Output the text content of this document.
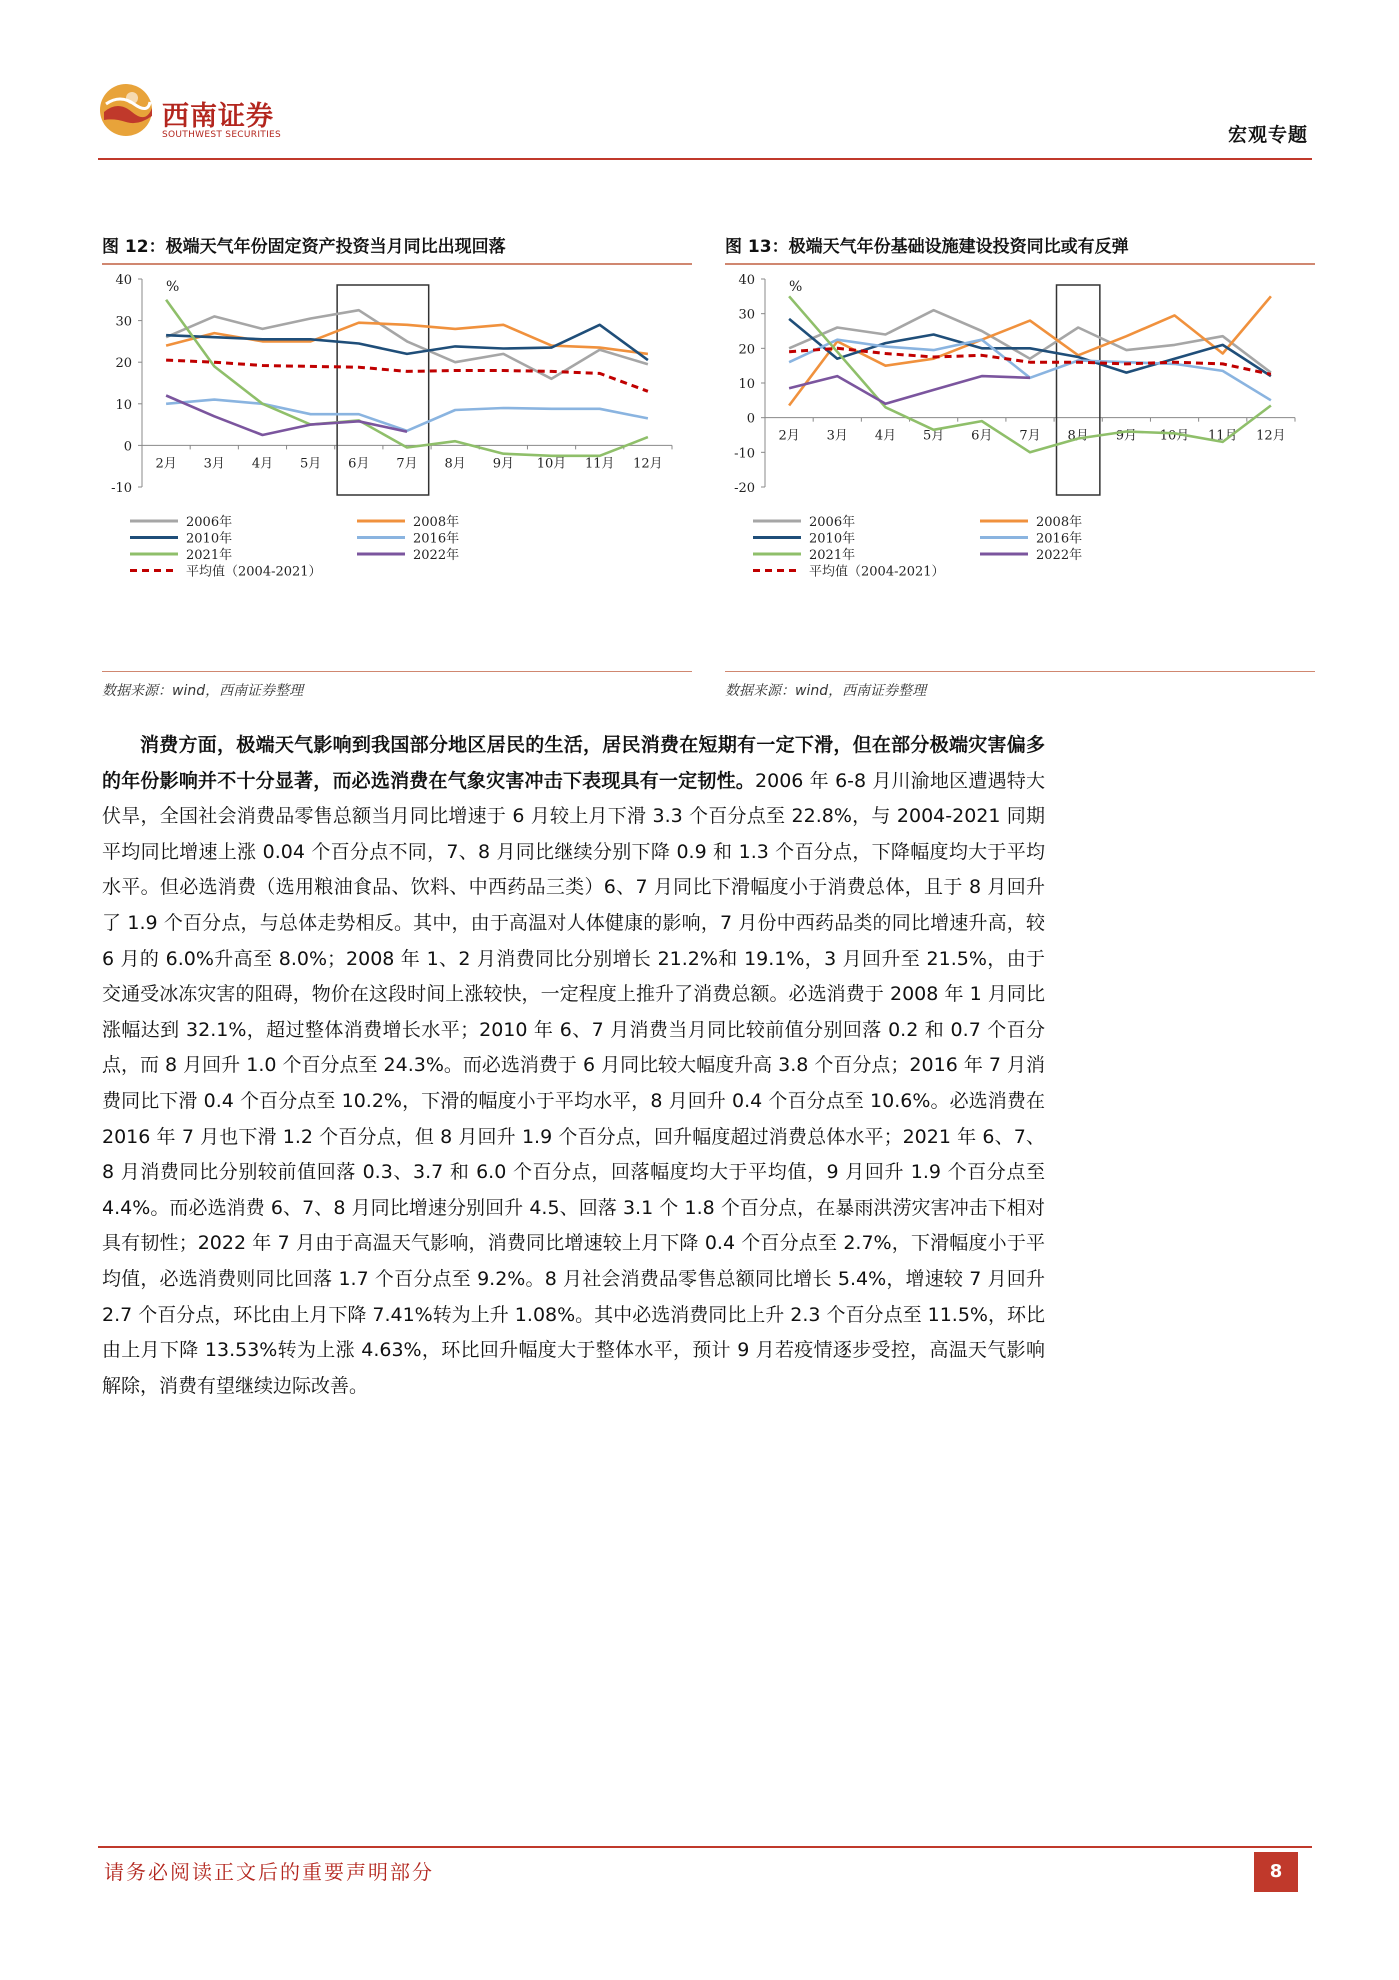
西南证券
SOUTHWEST SECURITIES	宏观专题
图 12：极端天气年份固定资产投资当月同比出现回落
-10
0
10
20
30
40 %
2月 3月 4月 5月 6月 7月 8月 9月 10月 11月 12月
2006年	2008年
2010年	2016年
2021年	2022年
平均值（2004-2021）
数据来源：wind，西南证券整理
图 13：极端天气年份基础设施建设投资同比或有反弹
-20
-10
0
10
20
30
40 %
2月 3月 4月 5月 6月 7月 8月 9月 10月 11月 12月
2006年	2008年
2010年	2016年
2021年	2022年
平均值（2004-2021）
数据来源：wind，西南证券整理
消费方面，极端天气影响到我国部分地区居民的生活，居民消费在短期有一定下滑，但在部分极端灾害偏多的年份影响并不十分显著，而必选消费在气象灾害冲击下表现具有一定韧性。2006 年 6-8 月川渝地区遭遇特大伏旱，全国社会消费品零售总额当月同比增速于 6 月较上月下滑 3.3 个百分点至 22.8%，与 2004-2021 同期平均同比增速上涨 0.04 个百分点不同，7、8 月同比继续分别下降 0.9 和 1.3 个百分点，下降幅度均大于平均水平。但必选消费（选用粮油食品、饮料、中西药品三类）6、7 月同比下滑幅度小于消费总体，且于 8 月回升了 1.9 个百分点，与总体走势相反。其中，由于高温对人体健康的影响，7 月份中西药品类的同比增速升高，较 6 月的 6.0%升高至 8.0%；2008 年 1、2 月消费同比分别增长 21.2%和 19.1%，3 月回升至 21.5%，由于交通受冰冻灾害的阻碍，物价在这段时间上涨较快，一定程度上推升了消费总额。必选消费于 2008 年 1 月同比涨幅达到 32.1%，超过整体消费增长水平；2010 年 6、7 月消费当月同比较前值分别回落 0.2 和 0.7 个百分点，而 8 月回升 1.0 个百分点至 24.3%。而必选消费于 6 月同比较大幅度升高 3.8 个百分点；2016 年 7 月消费同比下滑 0.4 个百分点至 10.2%，下滑的幅度小于平均水平，8 月回升 0.4 个百分点至 10.6%。必选消费在 2016 年 7 月也下滑 1.2 个百分点，但 8 月回升 1.9 个百分点，回升幅度超过消费总体水平；2021 年 6、7、8 月消费同比分别较前值回落 0.3、3.7 和 6.0 个百分点，回落幅度均大于平均值，9 月回升 1.9 个百分点至 4.4%。而必选消费 6、7、8 月同比增速分别回升 4.5、回落 3.1 个 1.8 个百分点，在暴雨洪涝灾害冲击下相对具有韧性；2022 年 7 月由于高温天气影响，消费同比增速较上月下降 0.4 个百分点至 2.7%，下滑幅度小于平均值，必选消费则同比回落 1.7 个百分点至 9.2%。8 月社会消费品零售总额同比增长 5.4%，增速较 7 月回升 2.7 个百分点，环比由上月下降 7.41%转为上升 1.08%。其中必选消费同比上升 2.3 个百分点至 11.5%，环比由上月下降 13.53%转为上涨 4.63%，环比回升幅度大于整体水平，预计 9 月若疫情逐步受控，高温天气影响解除，消费有望继续边际改善。
请务必阅读正文后的重要声明部分	8
